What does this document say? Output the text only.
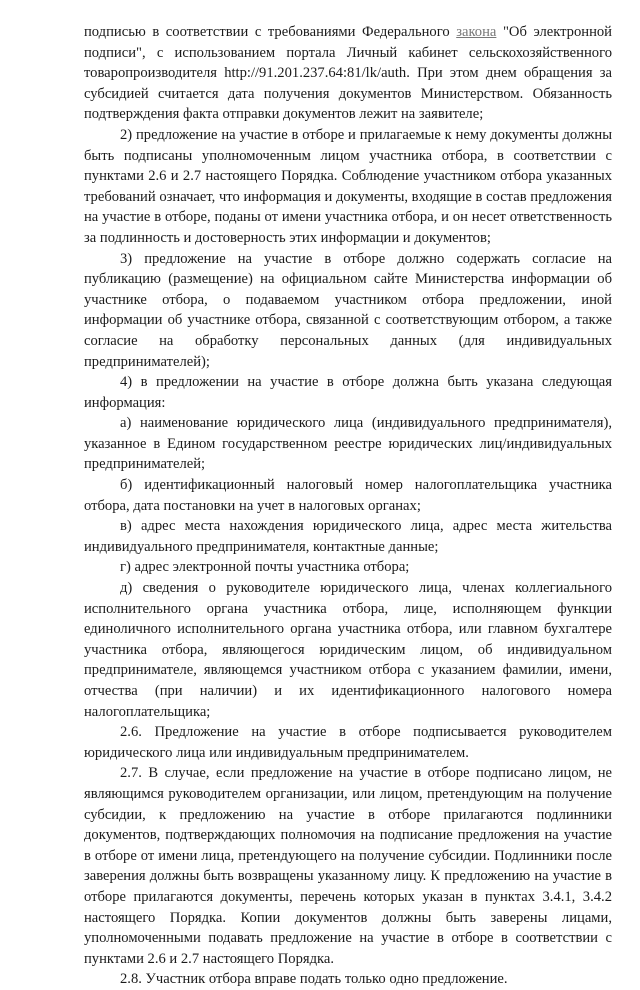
подписью в соответствии с требованиями Федерального закона "Об электронной подписи", с использованием портала Личный кабинет сельскохозяйственного товаропроизводителя http://91.201.237.64:81/lk/auth. При этом днем обращения за субсидией считается дата получения документов Министерством. Обязанность подтверждения факта отправки документов лежит на заявителе;

2) предложение на участие в отборе и прилагаемые к нему документы должны быть подписаны уполномоченным лицом участника отбора, в соответствии с пунктами 2.6 и 2.7 настоящего Порядка. Соблюдение участником отбора указанных требований означает, что информация и документы, входящие в состав предложения на участие в отборе, поданы от имени участника отбора, и он несет ответственность за подлинность и достоверность этих информации и документов;

3) предложение на участие в отборе должно содержать согласие на публикацию (размещение) на официальном сайте Министерства информации об участнике отбора, о подаваемом участником отбора предложении, иной информации об участнике отбора, связанной с соответствующим отбором, а также согласие на обработку персональных данных (для индивидуальных предпринимателей);

4) в предложении на участие в отборе должна быть указана следующая информация:

а) наименование юридического лица (индивидуального предпринимателя), указанное в Едином государственном реестре юридических лиц/индивидуальных предпринимателей;

б) идентификационный налоговый номер налогоплательщика участника отбора, дата постановки на учет в налоговых органах;

в) адрес места нахождения юридического лица, адрес места жительства индивидуального предпринимателя, контактные данные;

г) адрес электронной почты участника отбора;

д) сведения о руководителе юридического лица, членах коллегиального исполнительного органа участника отбора, лице, исполняющем функции единоличного исполнительного органа участника отбора, или главном бухгалтере участника отбора, являющегося юридическим лицом, об индивидуальном предпринимателе, являющемся участником отбора с указанием фамилии, имени, отчества (при наличии) и их идентификационного налогового номера налогоплательщика;

2.6. Предложение на участие в отборе подписывается руководителем юридического лица или индивидуальным предпринимателем.

2.7. В случае, если предложение на участие в отборе подписано лицом, не являющимся руководителем организации, или лицом, претендующим на получение субсидии, к предложению на участие в отборе прилагаются подлинники документов, подтверждающих полномочия на подписание предложения на участие в отборе от имени лица, претендующего на получение субсидии. Подлинники после заверения должны быть возвращены указанному лицу. К предложению на участие в отборе прилагаются документы, перечень которых указан в пунктах 3.4.1, 3.4.2 настоящего Порядка. Копии документов должны быть заверены лицами, уполномоченными подавать предложение на участие в отборе в соответствии с пунктами 2.6 и 2.7 настоящего Порядка.

2.8. Участник отбора вправе подать только одно предложение.
